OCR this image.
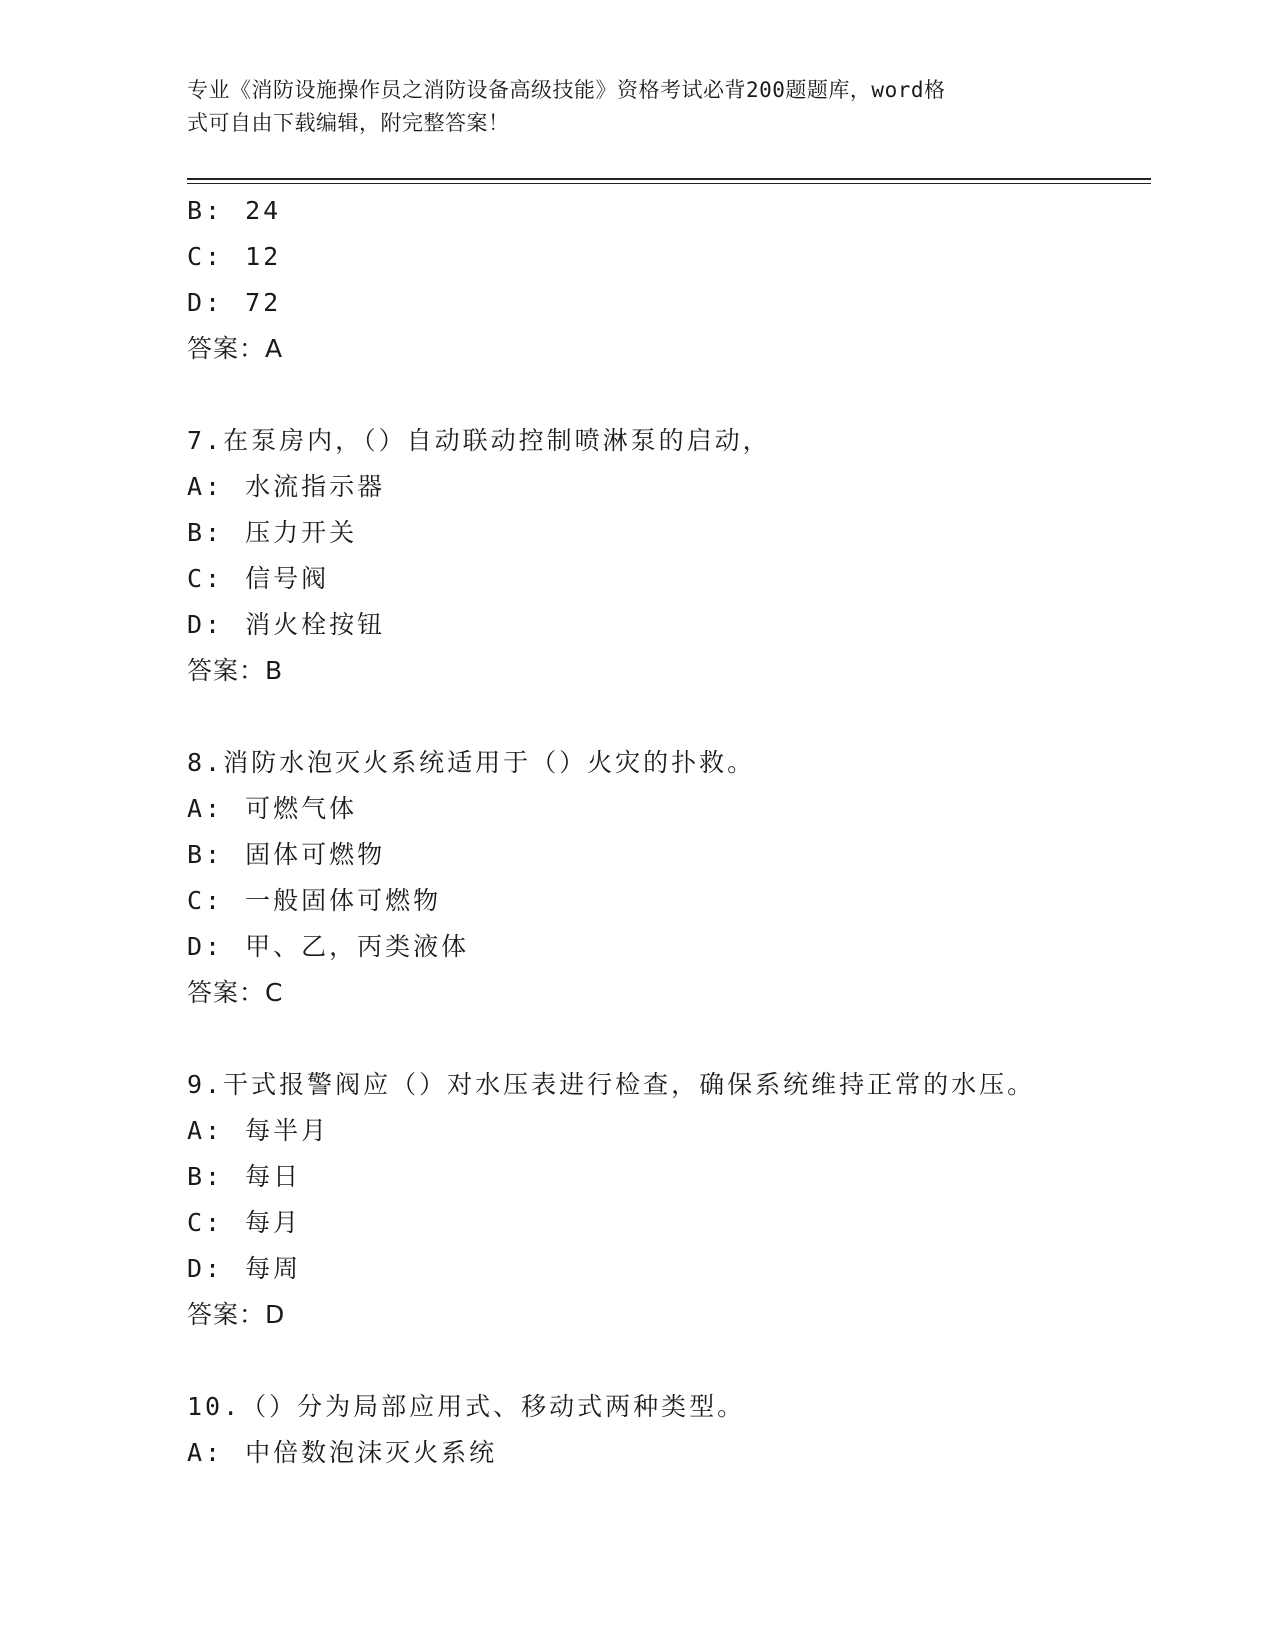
专业《消防设施操作员之消防设备高级技能》资格考试必背200题题库，word格
式可自由下载编辑，附完整答案！
B: 24
C: 12
D: 72
答案：A
7.在泵房内，（）自动联动控制喷淋泵的启动，
A: 水流指示器
B: 压力开关
C: 信号阀
D: 消火栓按钮
答案：B
8.消防水泡灭火系统适用于（）火灾的扑救。
A: 可燃气体
B: 固体可燃物
C: 一般固体可燃物
D: 甲、乙，丙类液体
答案：C
9.干式报警阀应（）对水压表进行检查，确保系统维持正常的水压。
A: 每半月
B: 每日
C: 每月
D: 每周
答案：D
10.（）分为局部应用式、移动式两种类型。
A: 中倍数泡沫灭火系统
